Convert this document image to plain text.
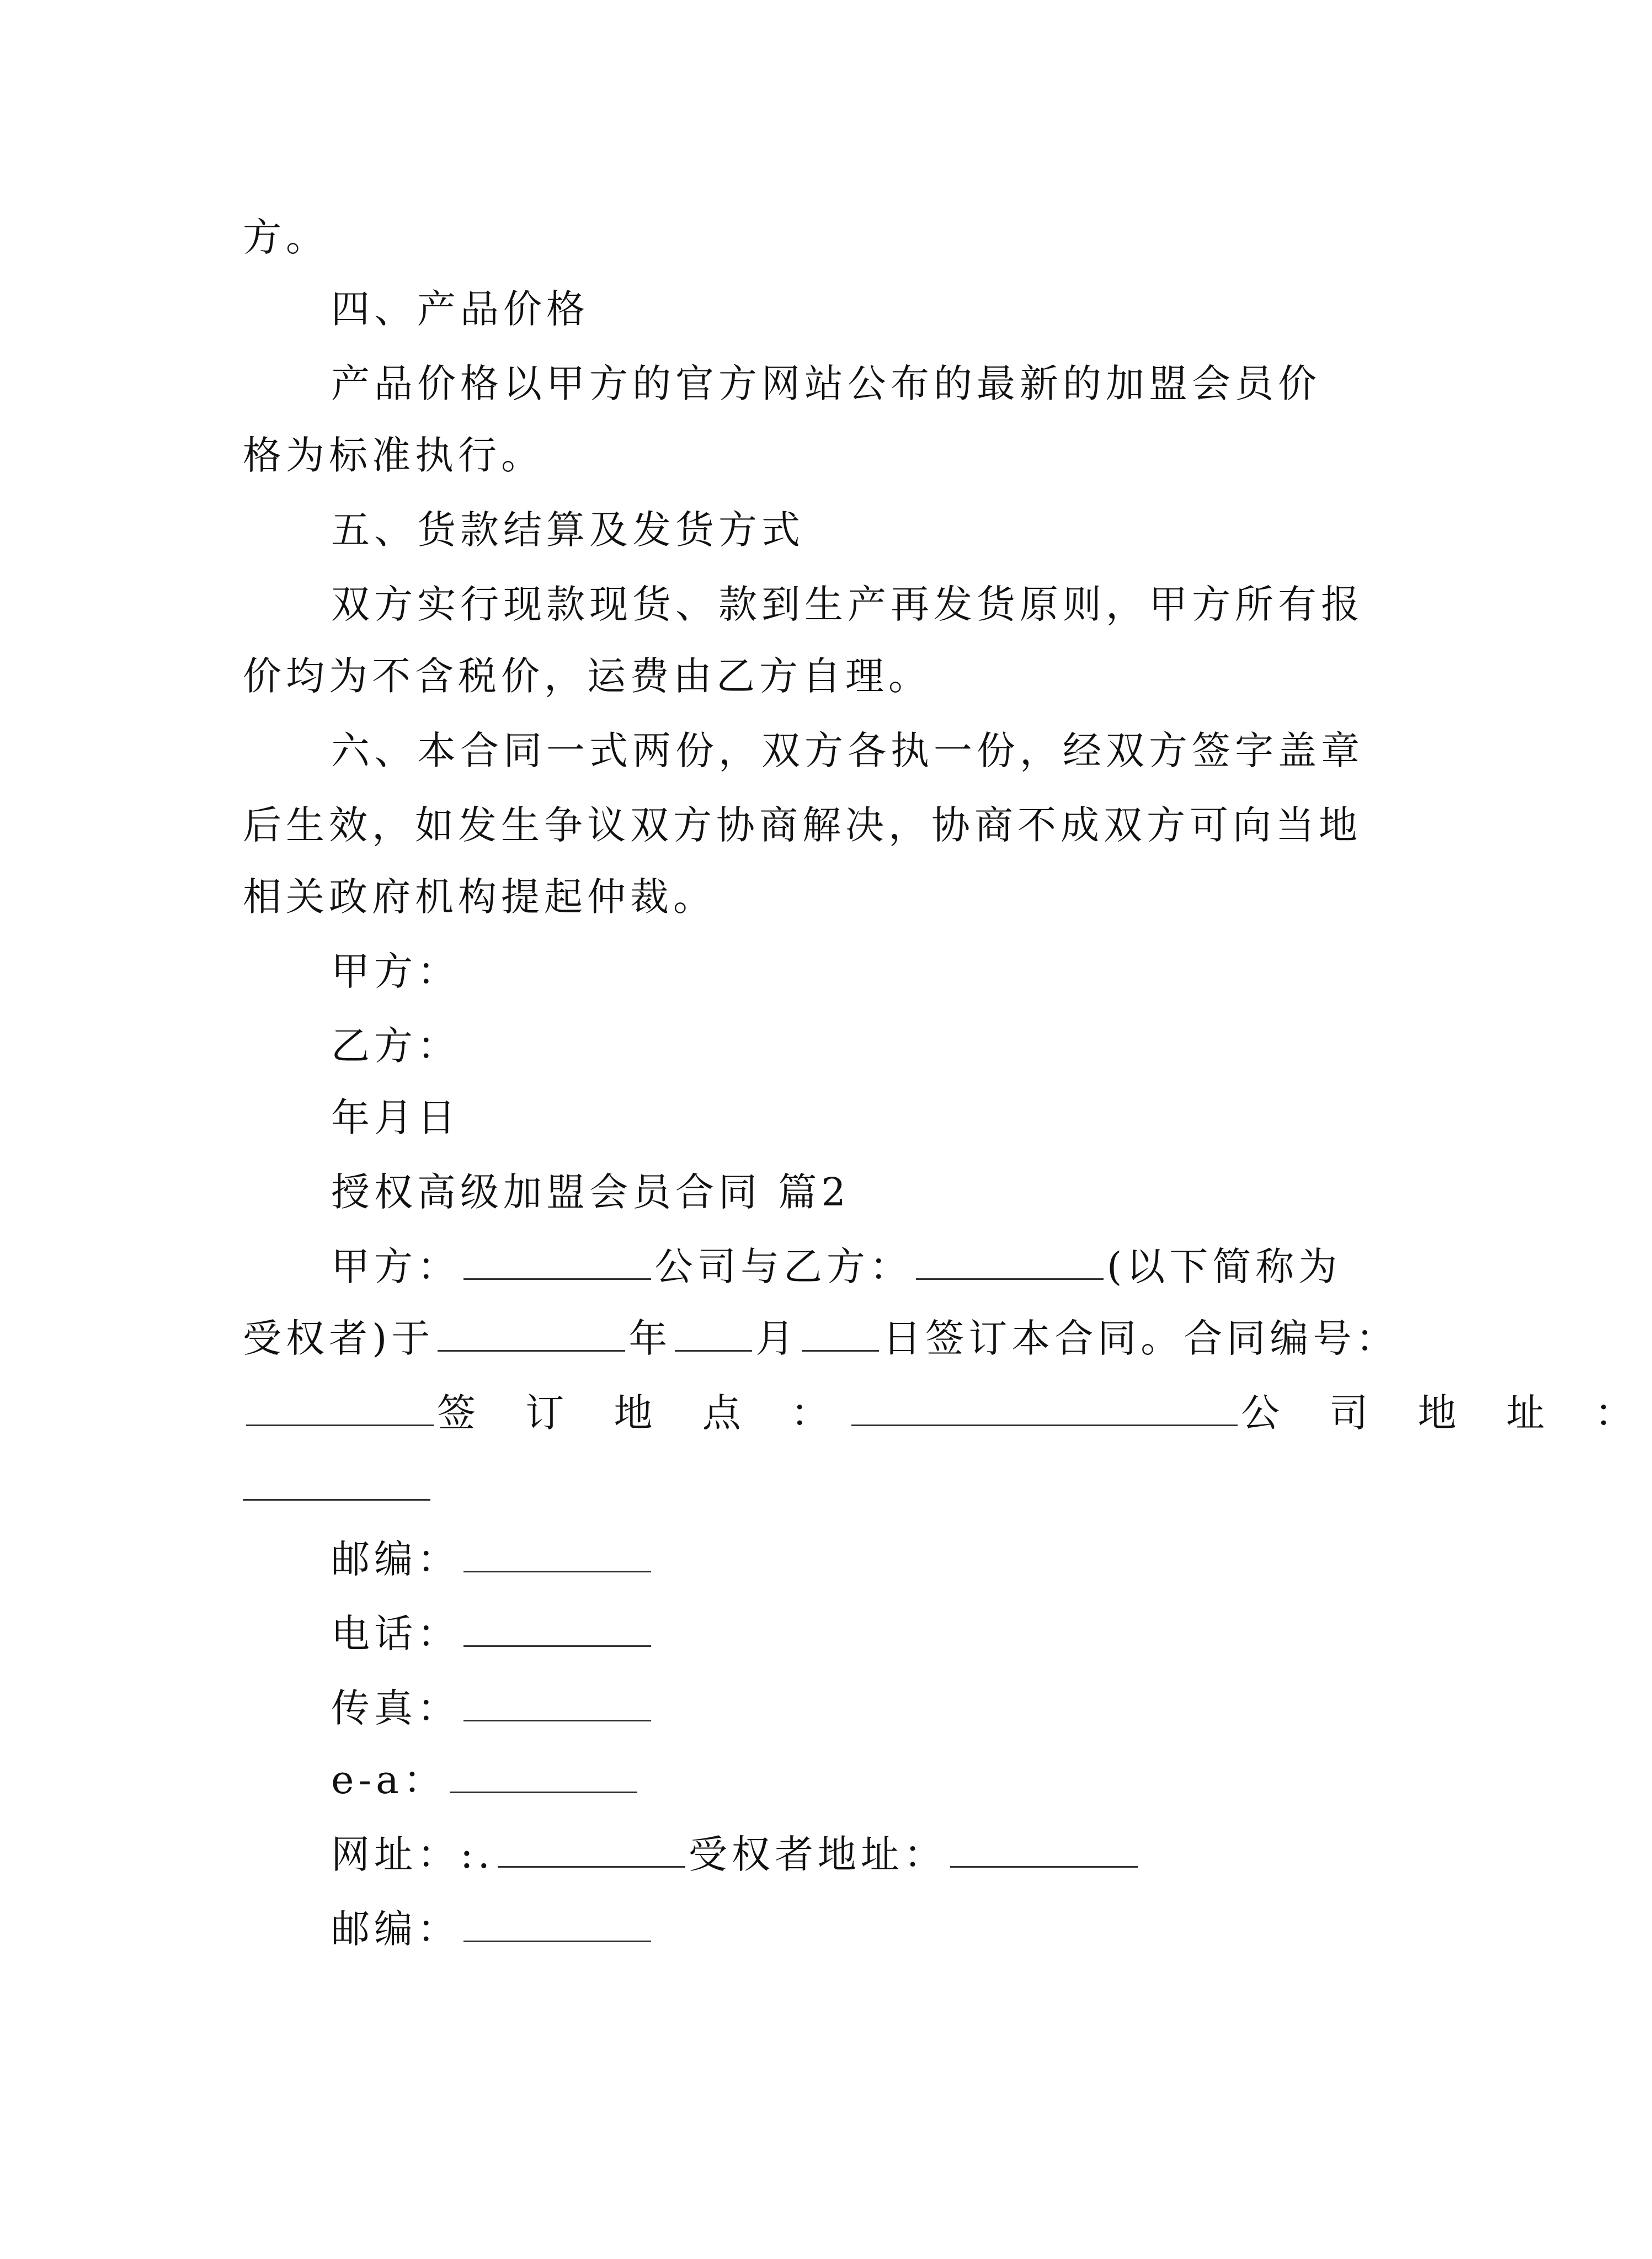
方。
四、产品价格
产品价格以甲方的官方网站公布的最新的加盟会员价
格为标准执行。
五、货款结算及发货方式
双方实行现款现货、款到生产再发货原则，甲方所有报
价均为不含税价，运费由乙方自理。
六、本合同一式两份，双方各执一份，经双方签字盖章
后生效，如发生争议双方协商解决，协商不成双方可向当地
相关政府机构提起仲裁。
甲方：
乙方：
年月日
授权高级加盟会员合同 篇2
甲方：	公司与乙方：	(以下简称为
受权者)于	年 月 日签订本合同。合同编号：
签 订 地 点 ：	公 司 地 址 ：
邮编：
电话：
传真：
e-a：
网址：:.	受权者地址：
邮编：
